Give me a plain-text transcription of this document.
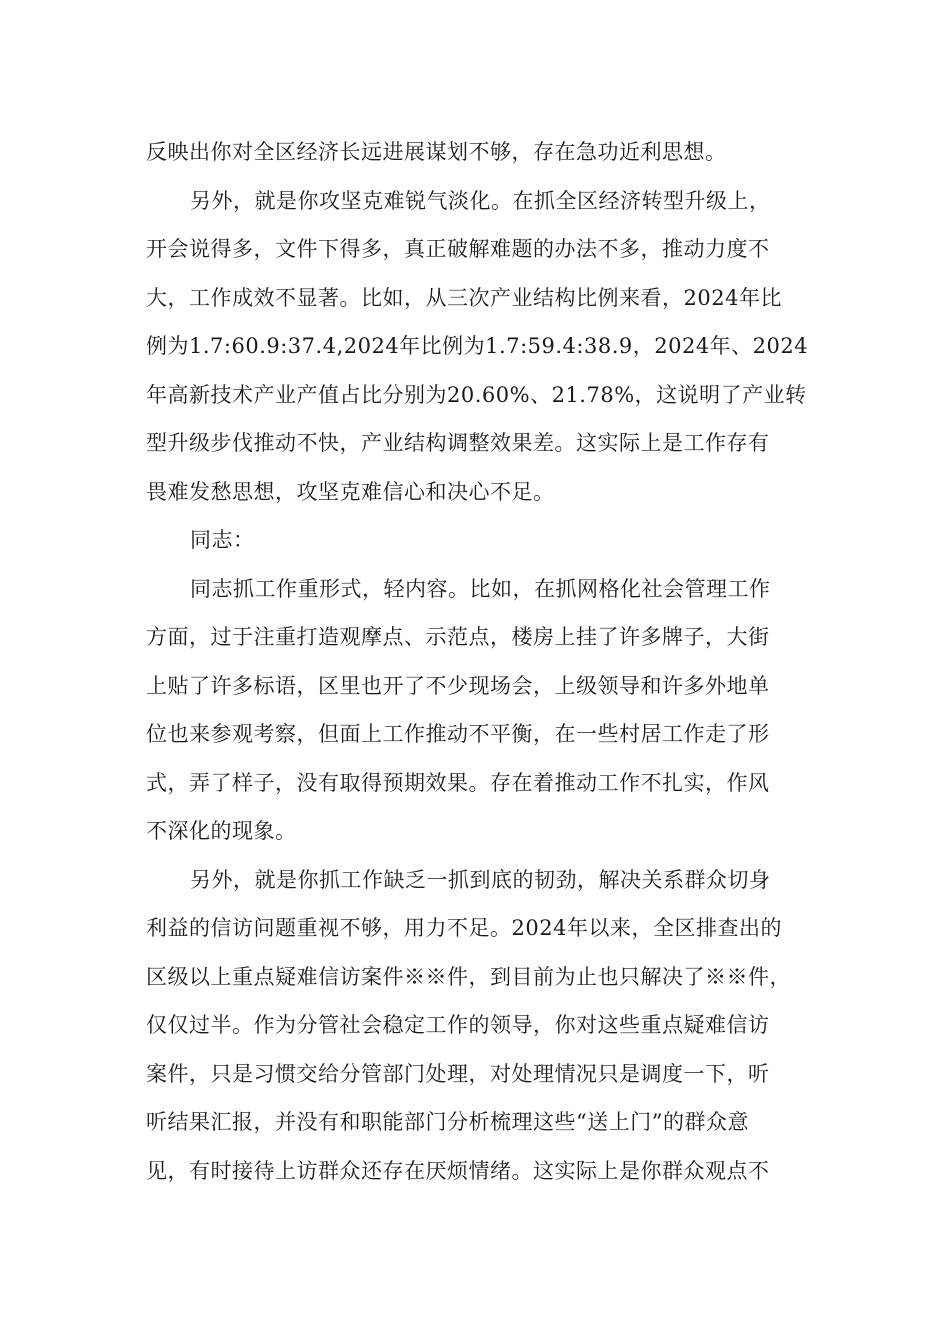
反映出你对全区经济长远进展谋划不够，存在急功近利思想。
另外，就是你攻坚克难锐气淡化。在抓全区经济转型升级上，
开会说得多，文件下得多，真正破解难题的办法不多，推动力度不
大，工作成效不显著。比如，从三次产业结构比例来看，2024年比
例为1.7:60.9:37.4,2024年比例为1.7:59.4:38.9，2024年、2024
年高新技术产业产值占比分别为20.60%、21.78%，这说明了产业转
型升级步伐推动不快，产业结构调整效果差。这实际上是工作存有
畏难发愁思想，攻坚克难信心和决心不足。
同志：
同志抓工作重形式，轻内容。比如，在抓网格化社会管理工作
方面，过于注重打造观摩点、示范点，楼房上挂了许多牌子，大街
上贴了许多标语，区里也开了不少现场会，上级领导和许多外地单
位也来参观考察，但面上工作推动不平衡，在一些村居工作走了形
式，弄了样子，没有取得预期效果。存在着推动工作不扎实，作风
不深化的现象。
另外，就是你抓工作缺乏一抓到底的韧劲，解决关系群众切身
利益的信访问题重视不够，用力不足。2024年以来，全区排查出的
区级以上重点疑难信访案件※※件，到目前为止也只解决了※※件，
仅仅过半。作为分管社会稳定工作的领导，你对这些重点疑难信访
案件，只是习惯交给分管部门处理，对处理情况只是调度一下，听
听结果汇报，并没有和职能部门分析梳理这些“送上门”的群众意
见，有时接待上访群众还存在厌烦情绪。这实际上是你群众观点不
